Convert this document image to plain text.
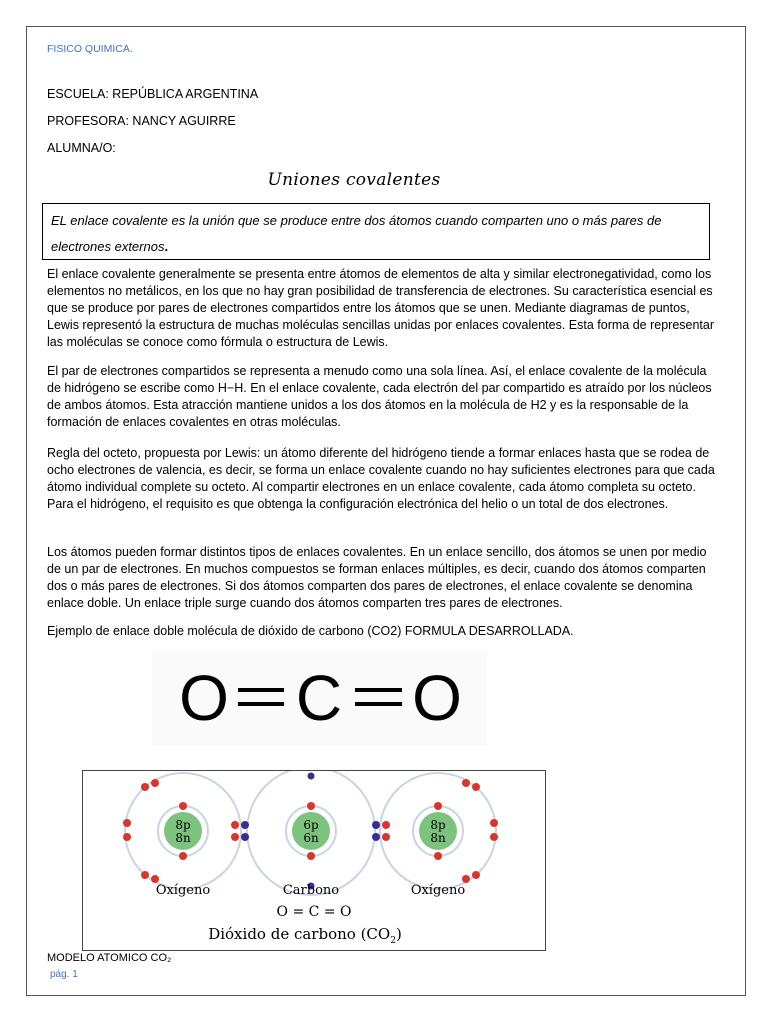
FISICO QUIMICA.
ESCUELA: REPÚBLICA ARGENTINA
PROFESORA: NANCY AGUIRRE
ALUMNA/O:
Uniones covalentes
EL enlace covalente es la unión que se produce entre dos átomos cuando comparten uno o más pares de electrones externos.
El enlace covalente generalmente se presenta entre átomos de elementos de alta y similar electronegatividad, como los elementos no metálicos, en los que no hay gran posibilidad de transferencia de electrones. Su característica esencial es que se produce por pares de electrones compartidos entre los átomos que se unen. Mediante diagramas de puntos, Lewis representó la estructura de muchas moléculas sencillas unidas por enlaces covalentes. Esta forma de representar las moléculas se conoce como fórmula o estructura de Lewis.
El par de electrones compartidos se representa a menudo como una sola línea. Así, el enlace covalente de la molécula de hidrógeno se escribe como H−H. En el enlace covalente, cada electrón del par compartido es atraído por los núcleos de ambos átomos. Esta atracción mantiene unidos a los dos átomos en la molécula de H2 y es la responsable de la formación de enlaces covalentes en otras moléculas.
Regla del octeto, propuesta por Lewis: un átomo diferente del hidrógeno tiende a formar enlaces hasta que se rodea de ocho electrones de valencia, es decir, se forma un enlace covalente cuando no hay suficientes electrones para que cada átomo individual complete su octeto. Al compartir electrones en un enlace covalente, cada átomo completa su octeto. Para el hidrógeno, el requisito es que obtenga la configuración electrónica del helio o un total de dos electrones.
Los átomos pueden formar distintos tipos de enlaces covalentes. En un enlace sencillo, dos átomos se unen por medio de un par de electrones. En muchos compuestos se forman enlaces múltiples, es decir, cuando dos átomos comparten dos o más pares de electrones. Si dos átomos comparten dos pares de electrones, el enlace covalente se denomina enlace doble. Un enlace triple surge cuando dos átomos comparten tres pares de electrones.
Ejemplo de enlace doble molécula de dióxido de carbono (CO2) FORMULA DESARROLLADA.
O C O
8p
8n
6p
6n
8p
8n
Oxígeno	Carbono	Oxígeno
O = C = O
Dióxido de carbono $(CO_2)$
MODELO ATOMICO CO₂
pág. 1
